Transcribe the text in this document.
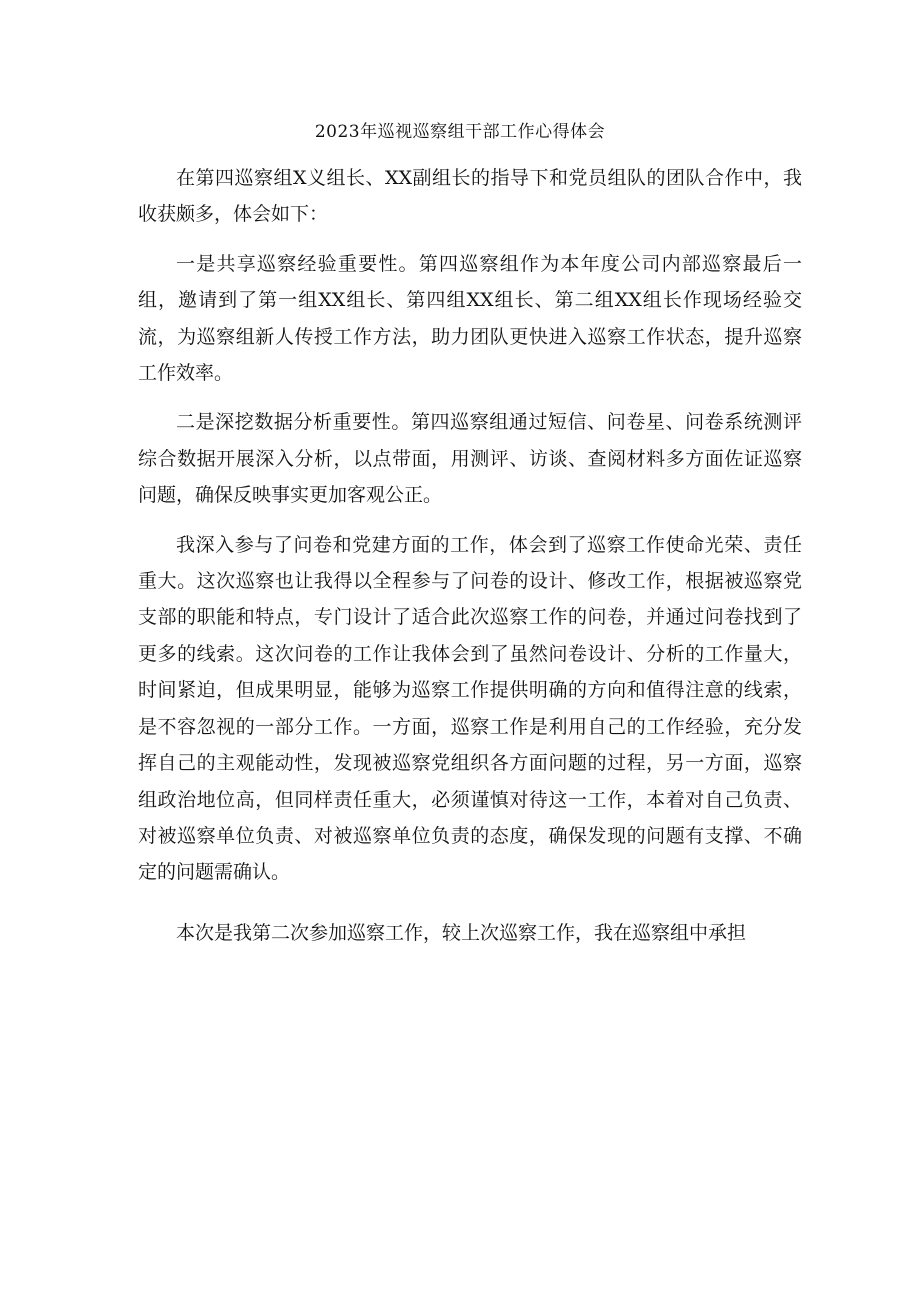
2023年巡视巡察组干部工作心得体会

在第四巡察组X义组长、XX副组长的指导下和党员组队的团队合作中，我收获颇多，体会如下：

一是共享巡察经验重要性。第四巡察组作为本年度公司内部巡察最后一组，邀请到了第一组XX组长、第四组XX组长、第二组XX组长作现场经验交流，为巡察组新人传授工作方法，助力团队更快进入巡察工作状态，提升巡察工作效率。

二是深挖数据分析重要性。第四巡察组通过短信、问卷星、问卷系统测评综合数据开展深入分析，以点带面，用测评、访谈、查阅材料多方面佐证巡察问题，确保反映事实更加客观公正。

我深入参与了问卷和党建方面的工作，体会到了巡察工作使命光荣、责任重大。这次巡察也让我得以全程参与了问卷的设计、修改工作，根据被巡察党支部的职能和特点，专门设计了适合此次巡察工作的问卷，并通过问卷找到了更多的线索。这次问卷的工作让我体会到了虽然问卷设计、分析的工作量大，时间紧迫，但成果明显，能够为巡察工作提供明确的方向和值得注意的线索，是不容忽视的一部分工作。一方面，巡察工作是利用自己的工作经验，充分发挥自己的主观能动性，发现被巡察党组织各方面问题的过程，另一方面，巡察组政治地位高，但同样责任重大，必须谨慎对待这一工作，本着对自己负责、对被巡察单位负责、对被巡察单位负责的态度，确保发现的问题有支撑、不确定的问题需确认。

本次是我第二次参加巡察工作，较上次巡察工作，我在巡察组中承担
